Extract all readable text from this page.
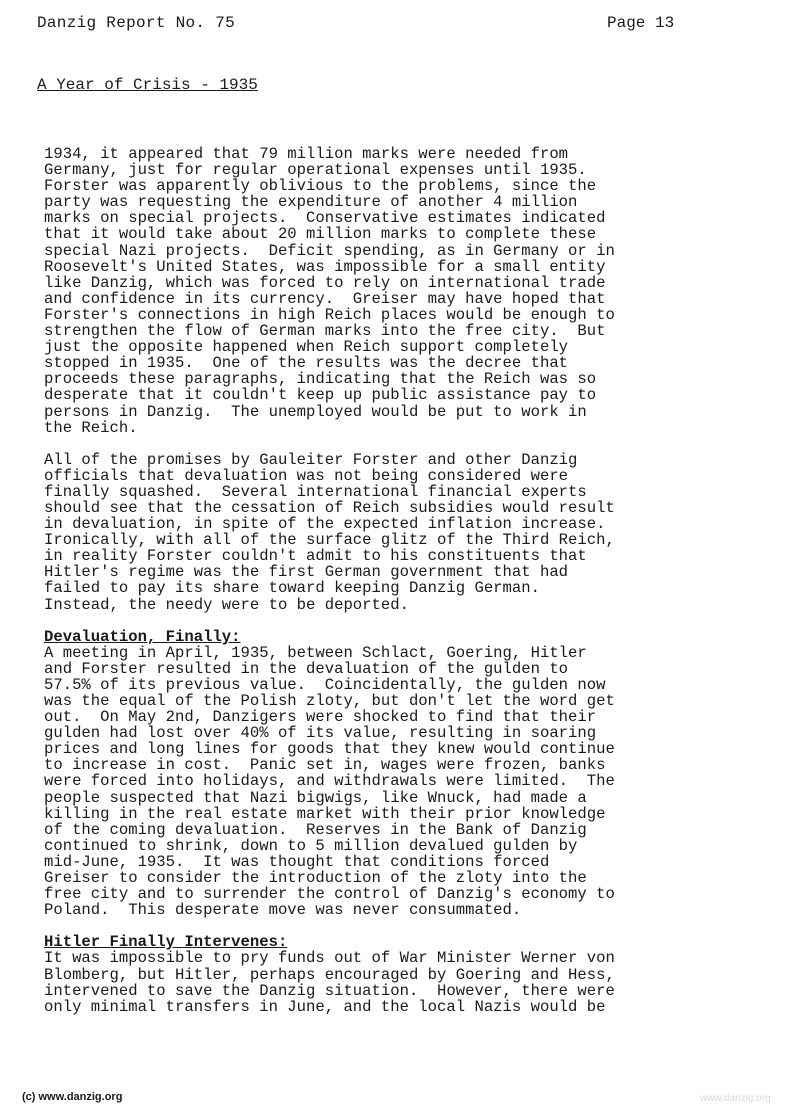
Danzig Report No. 75	Page 13
A Year of Crisis - 1935

1934, it appeared that 79 million marks were needed from
Germany, just for regular operational expenses until 1935.
Forster was apparently oblivious to the problems, since the
party was requesting the expenditure of another 4 million
marks on special projects.  Conservative estimates indicated
that it would take about 20 million marks to complete these
special Nazi projects.  Deficit spending, as in Germany or in
Roosevelt's United States, was impossible for a small entity
like Danzig, which was forced to rely on international trade
and confidence in its currency.  Greiser may have hoped that
Forster's connections in high Reich places would be enough to
strengthen the flow of German marks into the free city.  But
just the opposite happened when Reich support completely
stopped in 1935.  One of the results was the decree that
proceeds these paragraphs, indicating that the Reich was so
desperate that it couldn't keep up public assistance pay to
persons in Danzig.  The unemployed would be put to work in
the Reich.

All of the promises by Gauleiter Forster and other Danzig
officials that devaluation was not being considered were
finally squashed.  Several international financial experts
should see that the cessation of Reich subsidies would result
in devaluation, in spite of the expected inflation increase.
Ironically, with all of the surface glitz of the Third Reich,
in reality Forster couldn't admit to his constituents that
Hitler's regime was the first German government that had
failed to pay its share toward keeping Danzig German.
Instead, the needy were to be deported.

Devaluation, Finally:

A meeting in April, 1935, between Schlact, Goering, Hitler
and Forster resulted in the devaluation of the gulden to
57.5% of its previous value.  Coincidentally, the gulden now
was the equal of the Polish zloty, but don't let the word get
out.  On May 2nd, Danzigers were shocked to find that their
gulden had lost over 40% of its value, resulting in soaring
prices and long lines for goods that they knew would continue
to increase in cost.  Panic set in, wages were frozen, banks
were forced into holidays, and withdrawals were limited.  The
people suspected that Nazi bigwigs, like Wnuck, had made a
killing in the real estate market with their prior knowledge
of the coming devaluation.  Reserves in the Bank of Danzig
continued to shrink, down to 5 million devalued gulden by
mid-June, 1935.  It was thought that conditions forced
Greiser to consider the introduction of the zloty into the
free city and to surrender the control of Danzig's economy to
Poland.  This desperate move was never consummated.

Hitler Finally Intervenes:

It was impossible to pry funds out of War Minister Werner von
Blomberg, but Hitler, perhaps encouraged by Goering and Hess,
intervened to save the Danzig situation.  However, there were
only minimal transfers in June, and the local Nazis would be

(c) www.danzig.org	www.danzig.org
